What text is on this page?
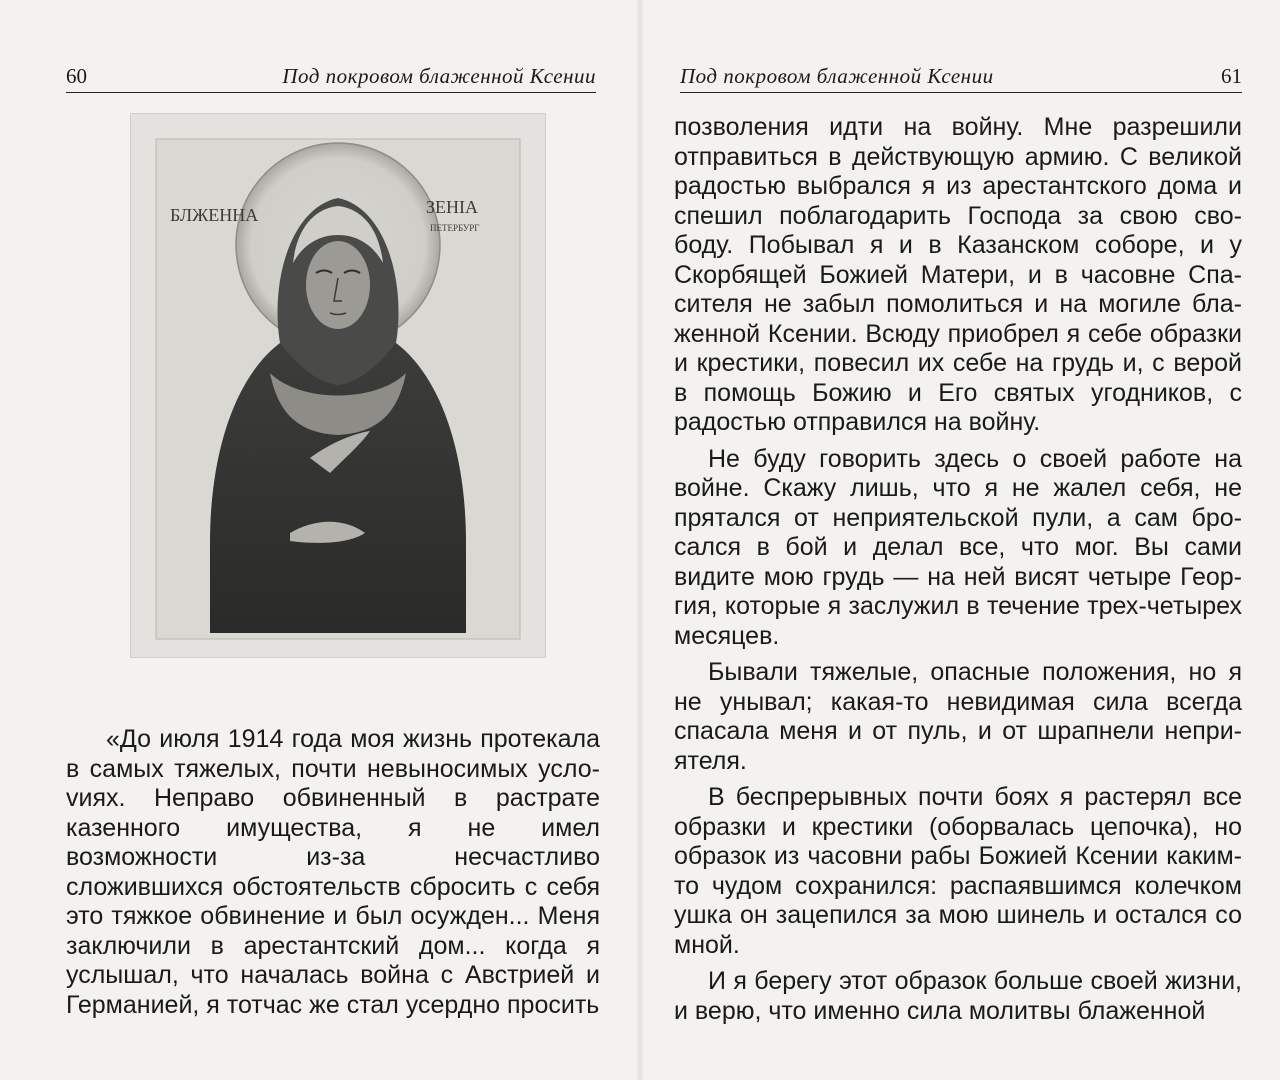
60	Под покровом блаженной Ксении
БЛЖЕННА	ЗЕНІА
ПЕТЕРБУРГ

«До июля 1914 года моя жизнь протекала в самых тяжелых, почти невыносимых услоvиях. Неправо обвиненный в растрате казенного имущества, я не имел возможности из-за несчастливо сложившихся обстоятельств сбросить с себя это тяжкое обвинение и был осужден... Меня заключили в арестантский дом... когда я услышал, что началась война с Австрией и Германией, я тотчас же стал усердно просить

Под покровом блаженной Ксении	61

позволения идти на войну. Мне разрешили отправиться в действующую армию. С великой радостью выбрался я из арестантского дома и спешил поблагодарить Господа за свою свободу. Побывал я и в Казанском соборе, и у Скорбящей Божией Матери, и в часовне Спасителя не забыл помолиться и на могиле блаженной Ксении. Всюду приобрел я себе образки и крестики, повесил их себе на грудь и, с верой в помощь Божию и Его святых угодников, с радостью отправился на войну.

Не буду говорить здесь о своей работе на войне. Скажу лишь, что я не жалел себя, не прятался от неприятельской пули, а сам бросался в бой и делал все, что мог. Вы сами видите мою грудь — на ней висят четыре Георгия, которые я заслужил в течение трех-четырех месяцев.

Бывали тяжелые, опасные положения, но я не унывал; какая-то невидимая сила всегда спасала меня и от пуль, и от шрапнели неприятеля.

В беспрерывных почти боях я растерял все образки и крестики (оборвалась цепочка), но образок из часовни рабы Божией Ксении каким-то чудом сохранился: распаявшимся колечком ушка он зацепился за мою шинель и остался со мной.

И я берегу этот образок больше своей жизни, и верю, что именно сила молитвы блаженной
